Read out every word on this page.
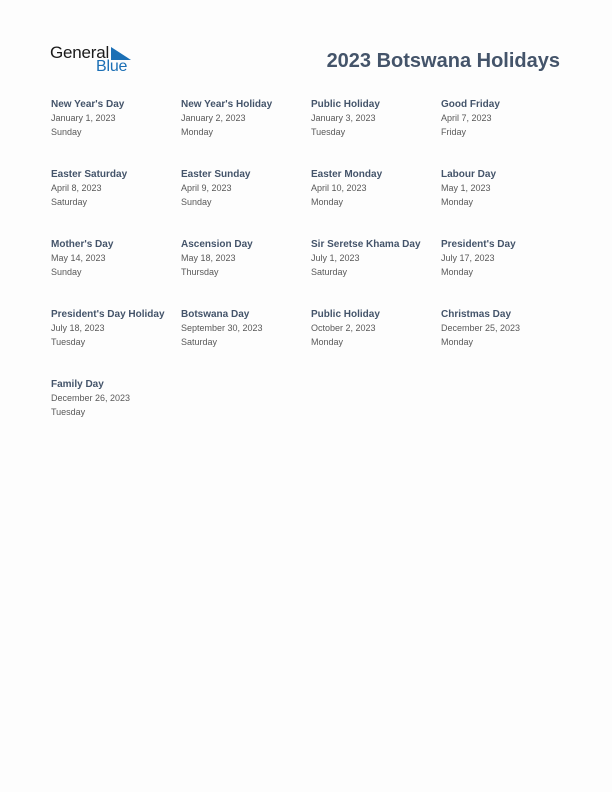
General
Blue	2023 Botswana Holidays
New Year's Day
January 1, 2023
Sunday
New Year's Holiday
January 2, 2023
Monday
Public Holiday
January 3, 2023
Tuesday
Good Friday
April 7, 2023
Friday
Easter Saturday
April 8, 2023
Saturday
Easter Sunday
April 9, 2023
Sunday
Easter Monday
April 10, 2023
Monday
Labour Day
May 1, 2023
Monday
Mother's Day
May 14, 2023
Sunday
Ascension Day
May 18, 2023
Thursday
Sir Seretse Khama Day
July 1, 2023
Saturday
President's Day
July 17, 2023
Monday
President's Day Holiday
July 18, 2023
Tuesday
Botswana Day
September 30, 2023
Saturday
Public Holiday
October 2, 2023
Monday
Christmas Day
December 25, 2023
Monday
Family Day
December 26, 2023
Tuesday
